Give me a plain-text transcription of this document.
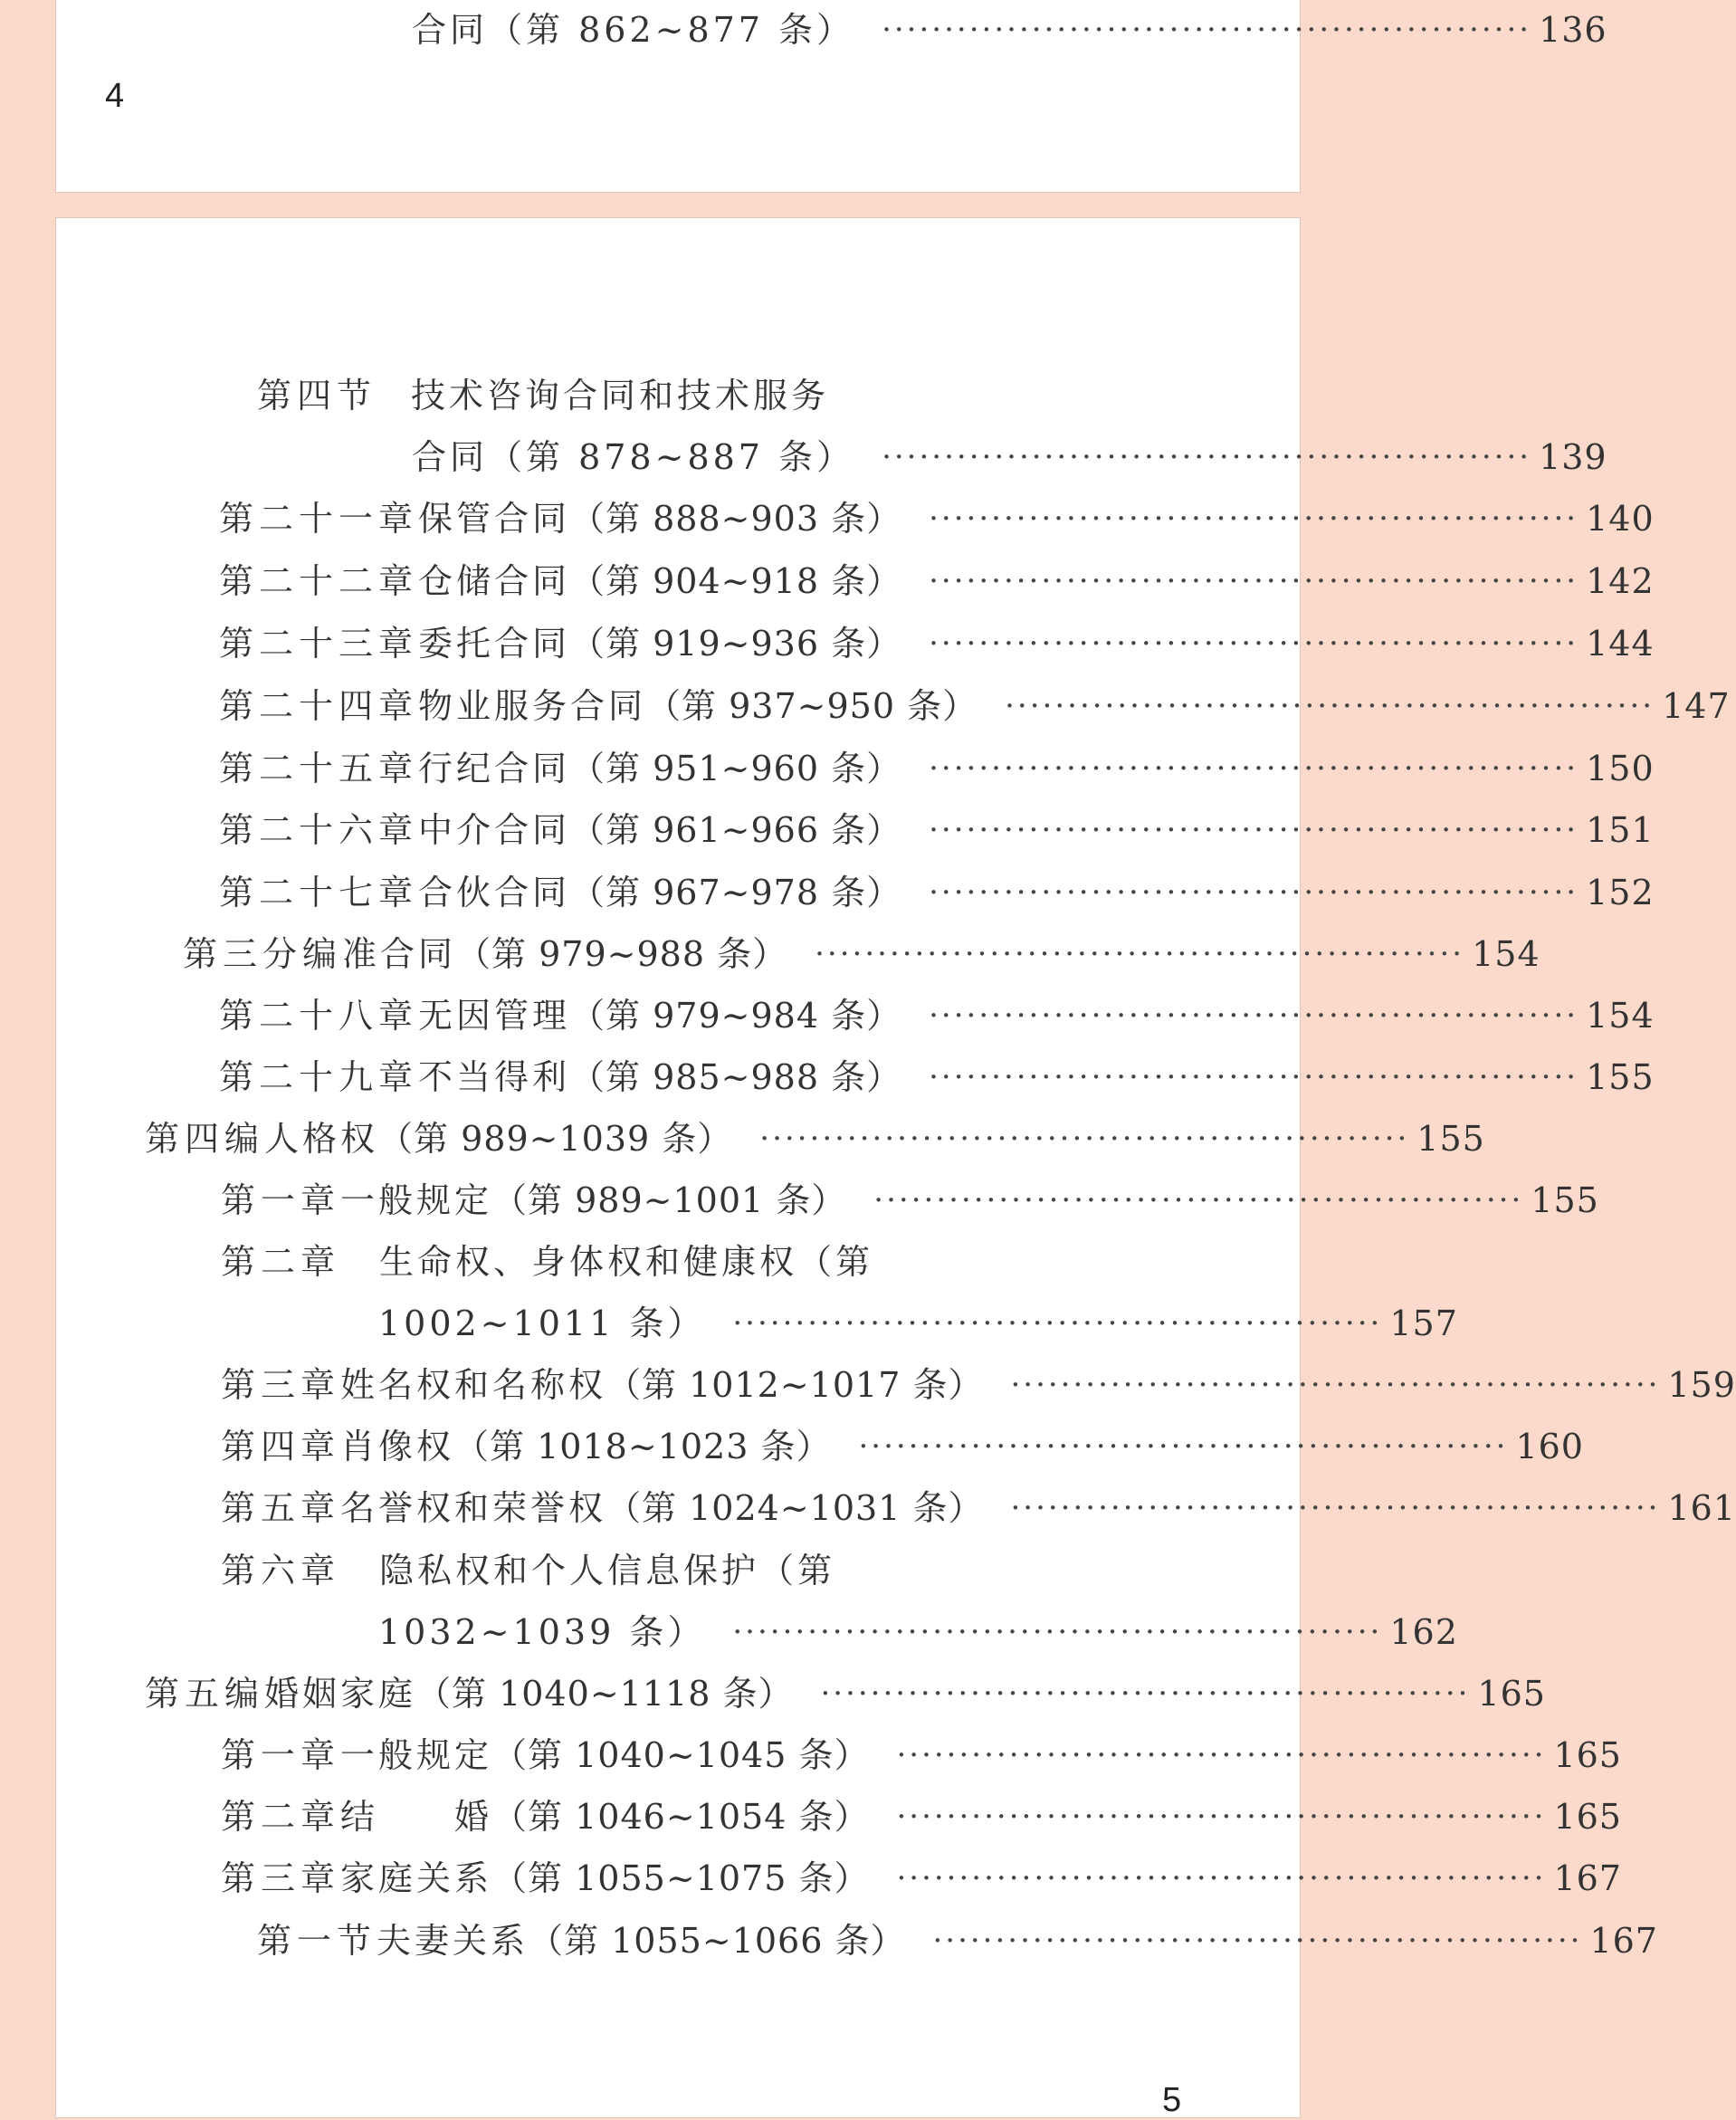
合同（第 862~877 条） ···················································· 136
4
第四节 技术咨询合同和技术服务
合同（第 878~887 条） ···················································· 139
第二十一章 保管合同 （第 888~903 条） ···················································· 140
第二十二章 仓储合同 （第 904~918 条） ···················································· 142
第二十三章 委托合同 （第 919~936 条） ···················································· 144
第二十四章 物业服务合同 （第 937~950 条） ···················································· 147
第二十五章 行纪合同 （第 951~960 条） ···················································· 150
第二十六章 中介合同 （第 961~966 条） ···················································· 151
第二十七章 合伙合同 （第 967~978 条） ···················································· 152
第三分编 准合同 （第 979~988 条） ···················································· 154
第二十八章 无因管理 （第 979~984 条） ···················································· 154
第二十九章 不当得利 （第 985~988 条） ···················································· 155
第四编 人格权 （第 989~1039 条） ···················································· 155
第一章 一般规定 （第 989~1001 条） ···················································· 155
第二章	生命权、身体权和健康权（第
1002~1011 条） ···················································· 157
第三章 姓名权和名称权 （第 1012~1017 条） ···················································· 159
第四章 肖像权 （第 1018~1023 条） ···················································· 160
第五章 名誉权和荣誉权 （第 1024~1031 条） ···················································· 161
第六章	隐私权和个人信息保护（第
1032~1039 条） ···················································· 162
第五编 婚姻家庭 （第 1040~1118 条） ···················································· 165
第一章 一般规定 （第 1040~1045 条） ···················································· 165
第二章 结　　婚 （第 1046~1054 条） ···················································· 165
第三章 家庭关系 （第 1055~1075 条） ···················································· 167
第一节 夫妻关系 （第 1055~1066 条） ···················································· 167
5
